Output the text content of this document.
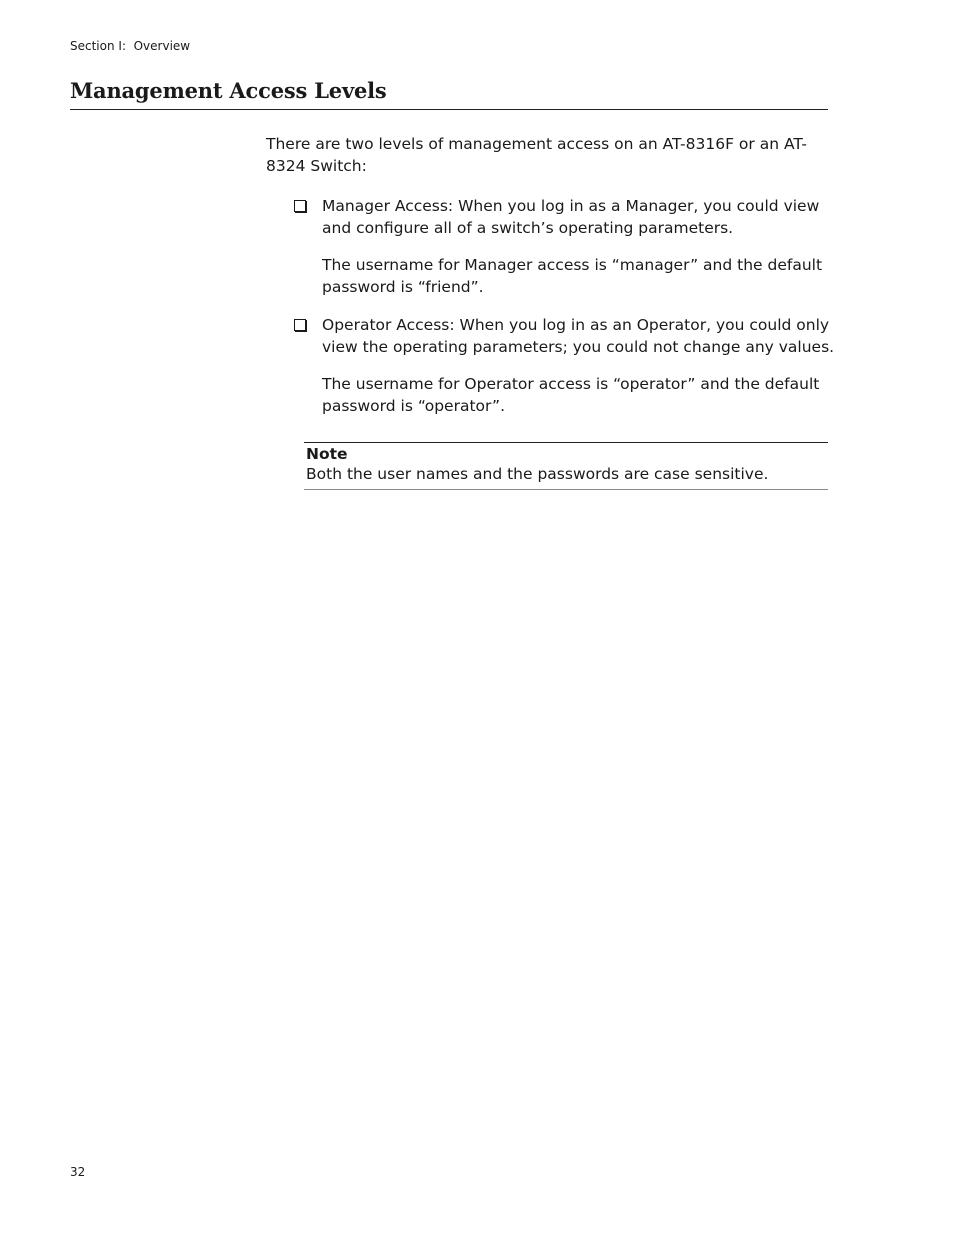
Section I:  Overview
Management Access Levels

There are two levels of management access on an AT-8316F or an AT-8324 Switch:

Manager Access: When you log in as a Manager, you could view and configure all of a switch’s operating parameters.

The username for Manager access is “manager” and the default password is “friend”.

Operator Access: When you log in as an Operator, you could only view the operating parameters; you could not change any values.

The username for Operator access is “operator” and the default password is “operator”.

Note
Both the user names and the passwords are case sensitive.
32
